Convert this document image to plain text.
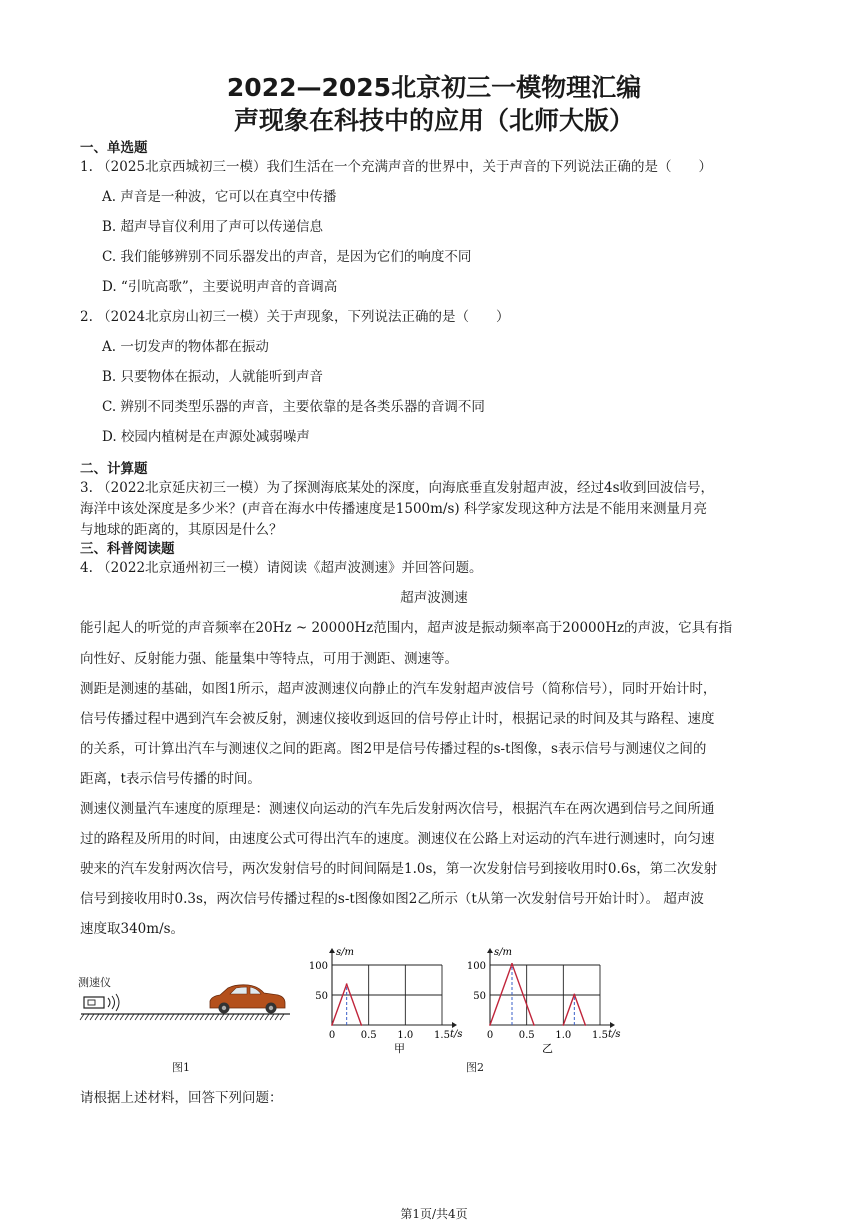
2022—2025北京初三一模物理汇编
声现象在科技中的应用（北师大版）
一、单选题
1. （2025北京西城初三一模）我们生活在一个充满声音的世界中，关于声音的下列说法正确的是（　　）
A. 声音是一种波，它可以在真空中传播
B. 超声导盲仪利用了声可以传递信息
C. 我们能够辨别不同乐器发出的声音，是因为它们的响度不同
D. “引吭高歌”，主要说明声音的音调高
2. （2024北京房山初三一模）关于声现象，下列说法正确的是（　　）
A. 一切发声的物体都在振动
B. 只要物体在振动，人就能听到声音
C. 辨别不同类型乐器的声音，主要依靠的是各类乐器的音调不同
D. 校园内植树是在声源处减弱噪声
二、计算题
3. （2022北京延庆初三一模）为了探测海底某处的深度，向海底垂直发射超声波，经过4s收到回波信号，
海洋中该处深度是多少米？(声音在海水中传播速度是1500m/s) 科学家发现这种方法是不能用来测量月亮
与地球的距离的，其原因是什么？
三、科普阅读题
4. （2022北京通州初三一模）请阅读《超声波测速》并回答问题。
超声波测速
能引起人的听觉的声音频率在20Hz ~ 20000Hz范围内，超声波是振动频率高于20000Hz的声波，它具有指
向性好、反射能力强、能量集中等特点，可用于测距、测速等。
测距是测速的基础，如图1所示，超声波测速仪向静止的汽车发射超声波信号（简称信号），同时开始计时，
信号传播过程中遇到汽车会被反射，测速仪接收到返回的信号停止计时，根据记录的时间及其与路程、速度
的关系，可计算出汽车与测速仪之间的距离。图2甲是信号传播过程的s-t图像，s表示信号与测速仪之间的
距离，t表示信号传播的时间。
测速仪测量汽车速度的原理是：测速仪向运动的汽车先后发射两次信号，根据汽车在两次遇到信号之间所通
过的路程及所用的时间，由速度公式可得出汽车的速度。测速仪在公路上对运动的汽车进行测速时，向匀速
驶来的汽车发射两次信号，两次发射信号的时间间隔是1.0s，第一次发射信号到接收用时0.6s，第二次发射
信号到接收用时0.3s，两次信号传播过程的s-t图像如图2乙所示（t从第一次发射信号开始计时）。 超声波
速度取340m/s。
测速仪
图1
s/m
t/s
50
100
0	0.5 1.0 1.5
s/m
t/s
50
100
0	0.5 1.0 1.5
甲	乙
图2
请根据上述材料，回答下列问题：
第1页/共4页
